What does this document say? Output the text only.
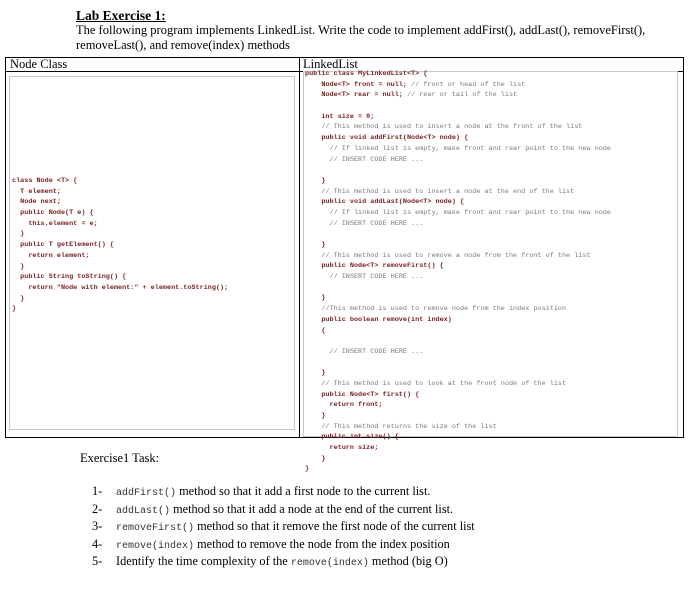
Lab Exercise 1:
The following program implements LinkedList. Write the code to implement addFirst(), addLast(), removeFirst(), removeLast(), and remove(index) methods
Node Class	LinkedList
class Node <T> {
T element;
Node next;
public Node(T e) {
this.element = e;
}
public T getElement() {
return element;
}
public String toString() {
return "Node with element:" + element.toString();
}
}
public class MyLinkedList<T> {
Node<T> front = null; // front or head of the list
Node<T> rear = null; // rear or tail of the list
int size = 0;
// This method is used to insert a node at the front of the list
public void addFirst(Node<T> node) {
// If linked list is empty, make front and rear point to the new node
// INSERT CODE HERE ...
}
// This method is used to insert a node at the end of the list
public void addLast(Node<T> node) {
// If linked list is empty, make front and rear point to the new node
// INSERT CODE HERE ...
}
// This method is used to remove a node from the front of the list
public Node<T> removeFirst() {
// INSERT CODE HERE ...
}
//This method is used to remove node from the index position
public boolean remove(int index)
{
// INSERT CODE HERE ...
}
// This method is used to look at the front node of the list
public Node<T> first() {
return front;
}
// This method returns the size of the list
public int size() {
return size;
}
}
Exercise1 Task:
1-	addFirst() method so that it add a first node to the current list.
2-	addLast() method so that it add a node at the end of the current list.
3-	removeFirst() method so that it remove the first node of the current list
4-	remove(index) method to remove the node from the index position
5-	Identify the time complexity of the remove(index) method (big O)
